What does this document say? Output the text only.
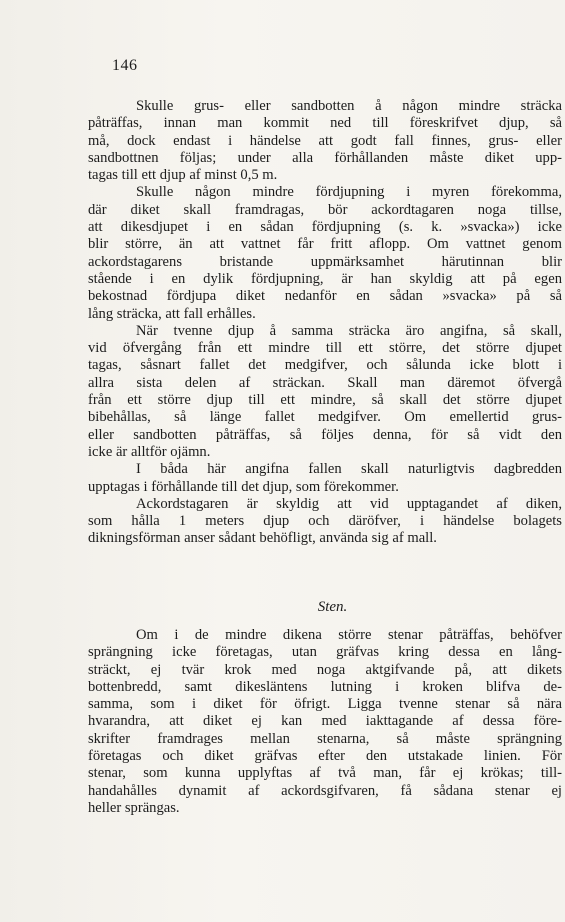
146
Skulle grus- eller sandbotten å någon mindre sträcka
påträffas, innan man kommit ned till föreskrifvet djup, så
må, dock endast i händelse att godt fall finnes, grus- eller
sandbottnen följas; under alla förhållanden måste diket upp-
tagas till ett djup af minst 0,5 m.
Skulle någon mindre fördjupning i myren förekomma,
där diket skall framdragas, bör ackordtagaren noga tillse,
att dikesdjupet i en sådan fördjupning (s. k. »svacka») icke
blir större, än att vattnet får fritt aflopp. Om vattnet genom
ackordstagarens bristande uppmärksamhet härutinnan blir
stående i en dylik fördjupning, är han skyldig att på egen
bekostnad fördjupa diket nedanför en sådan »svacka» på så
lång sträcka, att fall erhålles.
När tvenne djup å samma sträcka äro angifna, så skall,
vid öfvergång från ett mindre till ett större, det större djupet
tagas, såsnart fallet det medgifver, och sålunda icke blott i
allra sista delen af sträckan. Skall man däremot öfvergå
från ett större djup till ett mindre, så skall det större djupet
bibehållas, så länge fallet medgifver. Om emellertid grus-
eller sandbotten påträffas, så följes denna, för så vidt den
icke är alltför ojämn.
I båda här angifna fallen skall naturligtvis dagbredden
upptagas i förhållande till det djup, som förekommer.
Ackordstagaren är skyldig att vid upptagandet af diken,
som hålla 1 meters djup och däröfver, i händelse bolagets
dikningsförman anser sådant behöfligt, använda sig af mall.
Sten.
Om i de mindre dikena större stenar påträffas, behöfver
sprängning icke företagas, utan gräfvas kring dessa en lång-
sträckt, ej tvär krok med noga aktgifvande på, att dikets
bottenbredd, samt dikesläntens lutning i kroken blifva de-
samma, som i diket för öfrigt. Ligga tvenne stenar så nära
hvarandra, att diket ej kan med iakttagande af dessa före-
skrifter framdrages mellan stenarna, så måste sprängning
företagas och diket gräfvas efter den utstakade linien. För
stenar, som kunna upplyftas af två man, får ej krökas; till-
handahålles dynamit af ackordsgifvaren, få sådana stenar ej
heller sprängas.
